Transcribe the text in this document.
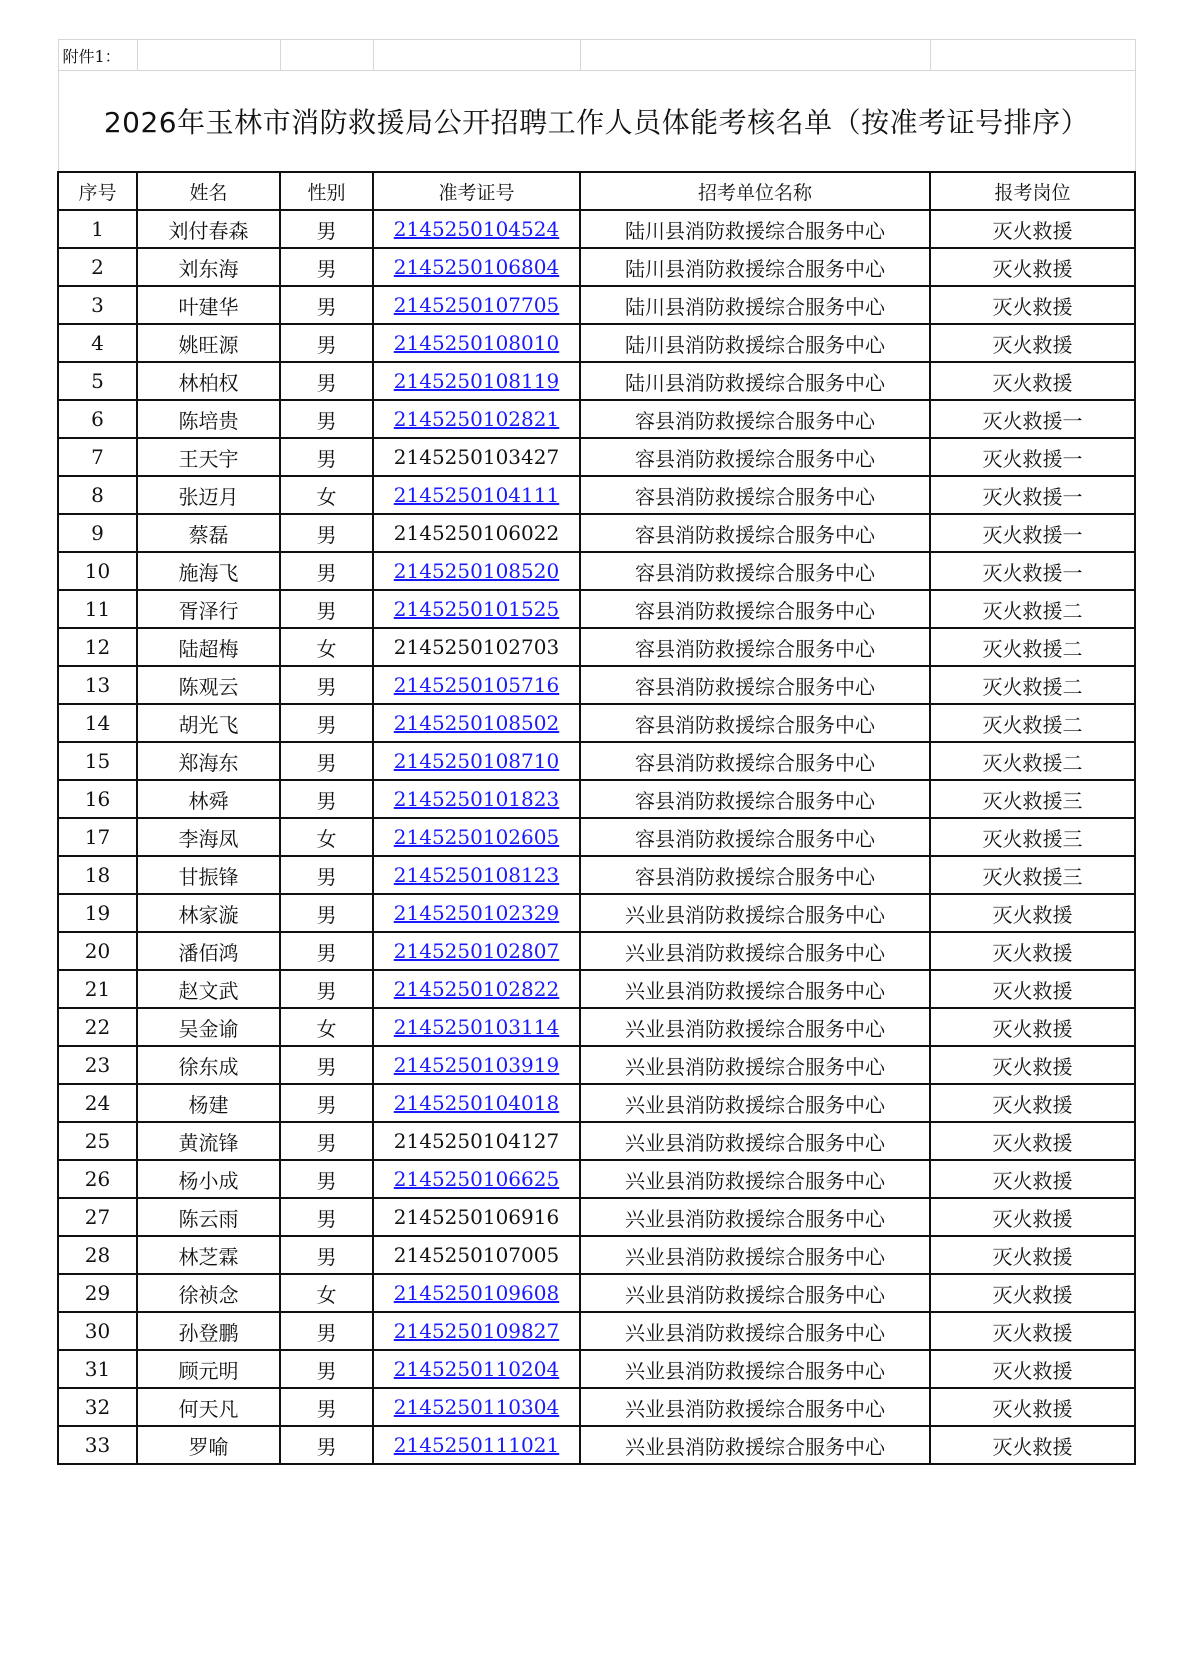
附件1：					
2026年玉林市消防救援局公开招聘工作人员体能考核名单（按准考证号排序）					
序号	姓名	性别	准考证号	招考单位名称	报考岗位
1	刘付春森	男	2145250104524	陆川县消防救援综合服务中心	灭火救援
2	刘东海	男	2145250106804	陆川县消防救援综合服务中心	灭火救援
3	叶建华	男	2145250107705	陆川县消防救援综合服务中心	灭火救援
4	姚旺源	男	2145250108010	陆川县消防救援综合服务中心	灭火救援
5	林柏权	男	2145250108119	陆川县消防救援综合服务中心	灭火救援
6	陈培贵	男	2145250102821	容县消防救援综合服务中心	灭火救援一
7	王天宇	男	2145250103427	容县消防救援综合服务中心	灭火救援一
8	张迈月	女	2145250104111	容县消防救援综合服务中心	灭火救援一
9	蔡磊	男	2145250106022	容县消防救援综合服务中心	灭火救援一
10	施海飞	男	2145250108520	容县消防救援综合服务中心	灭火救援一
11	胥泽行	男	2145250101525	容县消防救援综合服务中心	灭火救援二
12	陆超梅	女	2145250102703	容县消防救援综合服务中心	灭火救援二
13	陈观云	男	2145250105716	容县消防救援综合服务中心	灭火救援二
14	胡光飞	男	2145250108502	容县消防救援综合服务中心	灭火救援二
15	郑海东	男	2145250108710	容县消防救援综合服务中心	灭火救援二
16	林舜	男	2145250101823	容县消防救援综合服务中心	灭火救援三
17	李海凤	女	2145250102605	容县消防救援综合服务中心	灭火救援三
18	甘振锋	男	2145250108123	容县消防救援综合服务中心	灭火救援三
19	林家漩	男	2145250102329	兴业县消防救援综合服务中心	灭火救援
20	潘佰鸿	男	2145250102807	兴业县消防救援综合服务中心	灭火救援
21	赵文武	男	2145250102822	兴业县消防救援综合服务中心	灭火救援
22	吴金谕	女	2145250103114	兴业县消防救援综合服务中心	灭火救援
23	徐东成	男	2145250103919	兴业县消防救援综合服务中心	灭火救援
24	杨建	男	2145250104018	兴业县消防救援综合服务中心	灭火救援
25	黄流锋	男	2145250104127	兴业县消防救援综合服务中心	灭火救援
26	杨小成	男	2145250106625	兴业县消防救援综合服务中心	灭火救援
27	陈云雨	男	2145250106916	兴业县消防救援综合服务中心	灭火救援
28	林芝霖	男	2145250107005	兴业县消防救援综合服务中心	灭火救援
29	徐祯念	女	2145250109608	兴业县消防救援综合服务中心	灭火救援
30	孙登鹏	男	2145250109827	兴业县消防救援综合服务中心	灭火救援
31	顾元明	男	2145250110204	兴业县消防救援综合服务中心	灭火救援
32	何天凡	男	2145250110304	兴业县消防救援综合服务中心	灭火救援
33	罗喻	男	2145250111021	兴业县消防救援综合服务中心	灭火救援
